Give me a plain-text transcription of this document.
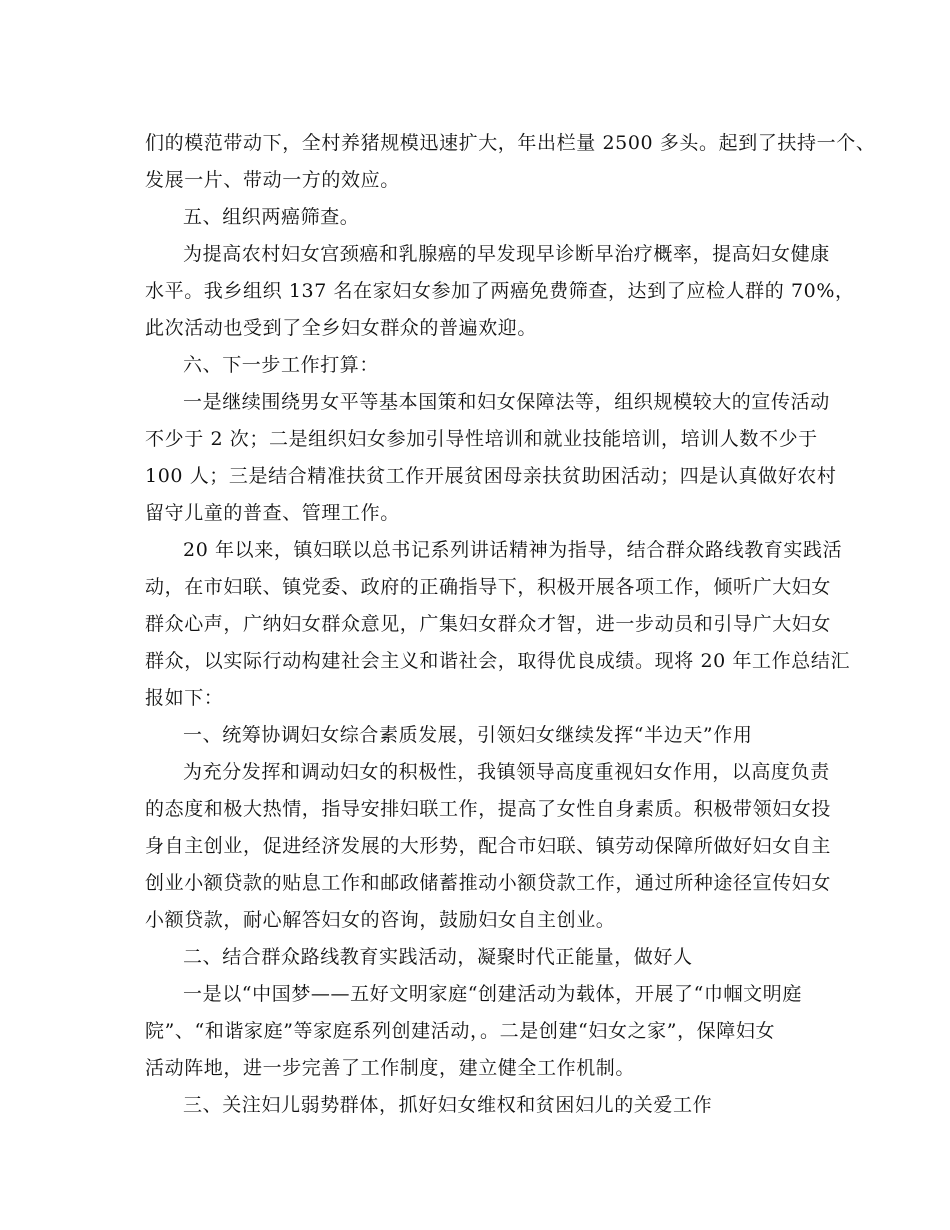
们的模范带动下，全村养猪规模迅速扩大，年出栏量 2500 多头。起到了扶持一个、
发展一片、带动一方的效应。
五、组织两癌筛查。
为提高农村妇女宫颈癌和乳腺癌的早发现早诊断早治疗概率，提高妇女健康
水平。我乡组织 137 名在家妇女参加了两癌免费筛查，达到了应检人群的 70%，
此次活动也受到了全乡妇女群众的普遍欢迎。
六、下一步工作打算：
一是继续围绕男女平等基本国策和妇女保障法等，组织规模较大的宣传活动
不少于 2 次；二是组织妇女参加引导性培训和就业技能培训，培训人数不少于
100 人；三是结合精准扶贫工作开展贫困母亲扶贫助困活动；四是认真做好农村
留守儿童的普查、管理工作。
20 年以来，镇妇联以总书记系列讲话精神为指导，结合群众路线教育实践活
动，在市妇联、镇党委、政府的正确指导下，积极开展各项工作，倾听广大妇女
群众心声，广纳妇女群众意见，广集妇女群众才智，进一步动员和引导广大妇女
群众，以实际行动构建社会主义和谐社会，取得优良成绩。现将 20 年工作总结汇
报如下：
一、统筹协调妇女综合素质发展，引领妇女继续发挥“半边天”作用
为充分发挥和调动妇女的积极性，我镇领导高度重视妇女作用，以高度负责
的态度和极大热情，指导安排妇联工作，提高了女性自身素质。积极带领妇女投
身自主创业，促进经济发展的大形势，配合市妇联、镇劳动保障所做好妇女自主
创业小额贷款的贴息工作和邮政储蓄推动小额贷款工作，通过所种途径宣传妇女
小额贷款，耐心解答妇女的咨询，鼓励妇女自主创业。
二、结合群众路线教育实践活动，凝聚时代正能量，做好人
一是以“中国梦——五好文明家庭“创建活动为载体，开展了“巾帼文明庭
院”、“和谐家庭”等家庭系列创建活动，。二是创建“妇女之家”，保障妇女
活动阵地，进一步完善了工作制度，建立健全工作机制。
三、关注妇儿弱势群体，抓好妇女维权和贫困妇儿的关爱工作
